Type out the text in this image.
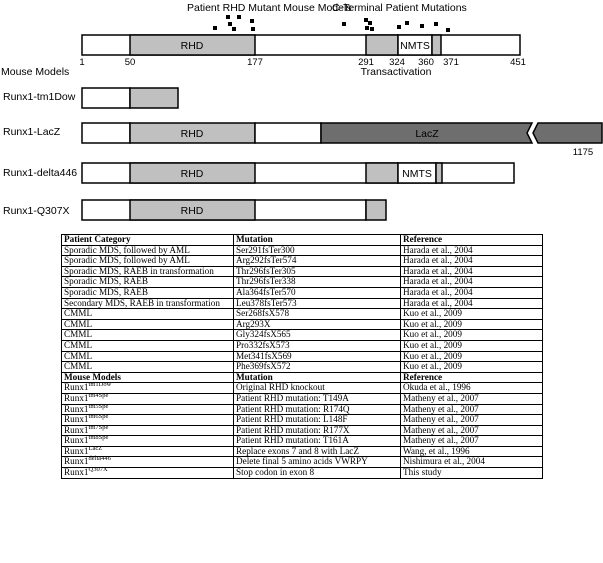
Patient RHD Mutant Mouse Models
C-Terminal Patient Mutations
RHD	NMTS
1	50	177	291 324 360 371	451
Transactivation
Mouse Models
Runx1-tm1Dow
Runx1-LacZ	RHD	LacZ
1175
Runx1-delta446	RHD	NMTS
Runx1-Q307X	RHD
Patient Category	Mutation	Reference
Sporadic MDS, followed by AML	Ser291fsTer300	Harada et al., 2004
Sporadic MDS, followed by AML	Arg292fsTer574	Harada et al., 2004
Sporadic MDS, RAEB in transformation	Thr296fsTer305	Harada et al., 2004
Sporadic MDS, RAEB	Thr296fsTer338	Harada et al., 2004
Sporadic MDS, RAEB	Ala364fsTer570	Harada et al., 2004
Secondary MDS, RAEB in transformation	Leu378fsTer573	Harada et al., 2004
CMML	Ser268fsX578	Kuo et al., 2009
CMML	Arg293X	Kuo et al., 2009
CMML	Gly324fsX565	Kuo et al., 2009
CMML	Pro332fsX573	Kuo et al., 2009
CMML	Met341fsX569	Kuo et al., 2009
CMML	Phe369fsX572	Kuo et al., 2009
Mouse Models	Mutation	Reference
$Runx1^{tm1Dow}$	Original RHD knockout	Okuda et al., 1996
$Runx1^{tm4Spe}$	Patient RHD mutation: T149A	Matheny et al., 2007
$Runx1^{tm5Spe}$	Patient RHD mutation: R174Q	Matheny et al., 2007
$Runx1^{tm6Spe}$	Patient RHD mutation: L148F	Matheny et al., 2007
$Runx1^{tm7Spe}$	Patient RHD mutation: R177X	Matheny et al., 2007
$Runx1^{tm8Spe}$	Patient RHD mutation: T161A	Matheny et al., 2007
$Runx1^{LacZ}$	Replace exons 7 and 8 with LacZ	Wang, et al., 1996
$Runx1^{delta446}$	Delete final 5 amino acids VWRPY	Nishimura et al., 2004
$Runx1^{Q307X}$	Stop codon in exon 8	This study
